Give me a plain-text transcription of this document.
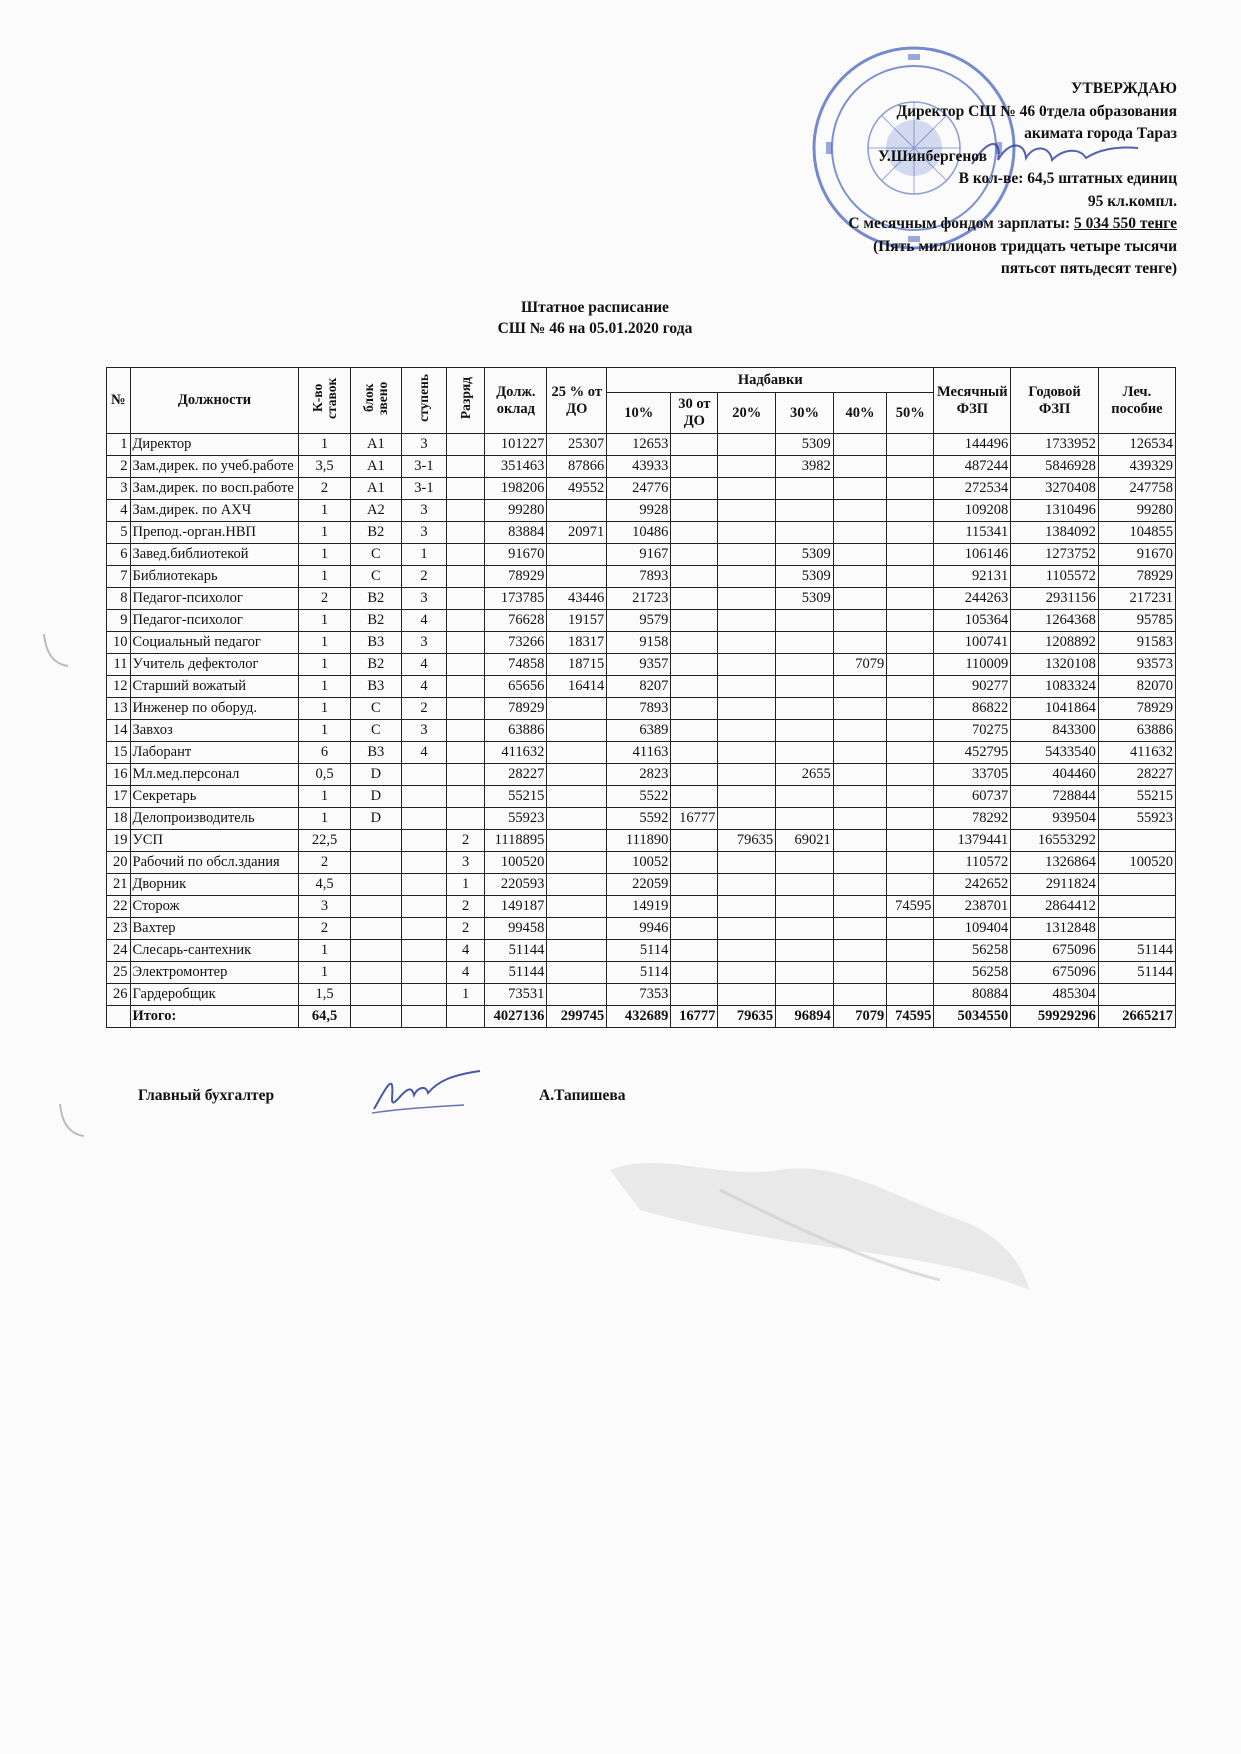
УТВЕРЖДАЮ
Директор СШ № 46 0тдела образования
акимата города Тараз
У.Шинбергенов
В кол-ве: 64,5 штатных единиц
95 кл.компл.
С месячным фондом зарплаты: 5 034 550 тенге
(Пять миллионов тридцать четыре тысячи
пятьсот пятьдесят тенге)
Штатное расписание
СШ № 46 на 05.01.2020 года
№	Должности	К-во ставок	блок звено	ступень	Разряд	Долж. оклад	25 % от ДО	Надбавки						Месячный ФЗП	Годовой ФЗП	Леч. пособие
								10%	30 от ДО	20%	30%	40%	50%			
1	Директор	1	А1	3		101227	25307	12653			5309			144496	1733952	126534
2	Зам.дирек. по учеб.работе	3,5	А1	3-1		351463	87866	43933			3982			487244	5846928	439329
3	Зам.дирек. по восп.работе	2	А1	3-1		198206	49552	24776						272534	3270408	247758
4	Зам.дирек. по АХЧ	1	А2	3		99280		9928						109208	1310496	99280
5	Препод.-орган.НВП	1	В2	3		83884	20971	10486						115341	1384092	104855
6	Завед.библиотекой	1	С	1		91670		9167			5309			106146	1273752	91670
7	Библиотекарь	1	С	2		78929		7893			5309			92131	1105572	78929
8	Педагог-психолог	2	В2	3		173785	43446	21723			5309			244263	2931156	217231
9	Педагог-психолог	1	В2	4		76628	19157	9579						105364	1264368	95785
10	Социальный педагог	1	В3	3		73266	18317	9158						100741	1208892	91583
11	Учитель дефектолог	1	В2	4		74858	18715	9357				7079		110009	1320108	93573
12	Старший вожатый	1	В3	4		65656	16414	8207						90277	1083324	82070
13	Инженер по оборуд.	1	С	2		78929		7893						86822	1041864	78929
14	Завхоз	1	С	3		63886		6389						70275	843300	63886
15	Лаборант	6	В3	4		411632		41163						452795	5433540	411632
16	Мл.мед.персонал	0,5	D			28227		2823			2655			33705	404460	28227
17	Секретарь	1	D			55215		5522						60737	728844	55215
18	Делопроизводитель	1	D			55923		5592	16777					78292	939504	55923
19	УСП	22,5			2	1118895		111890		79635	69021			1379441	16553292	
20	Рабочий по обсл.здания	2			3	100520		10052						110572	1326864	100520
21	Дворник	4,5			1	220593		22059						242652	2911824	
22	Сторож	3			2	149187		14919					74595	238701	2864412	
23	Вахтер	2			2	99458		9946						109404	1312848	
24	Слесарь-сантехник	1			4	51144		5114						56258	675096	51144
25	Электромонтер	1			4	51144		5114						56258	675096	51144
26	Гардеробщик	1,5			1	73531		7353						80884	485304	
	Итого:	64,5				4027136	299745	432689	16777	79635	96894	7079	74595	5034550	59929296	2665217
Главный бухгалтер	А.Тапишева
